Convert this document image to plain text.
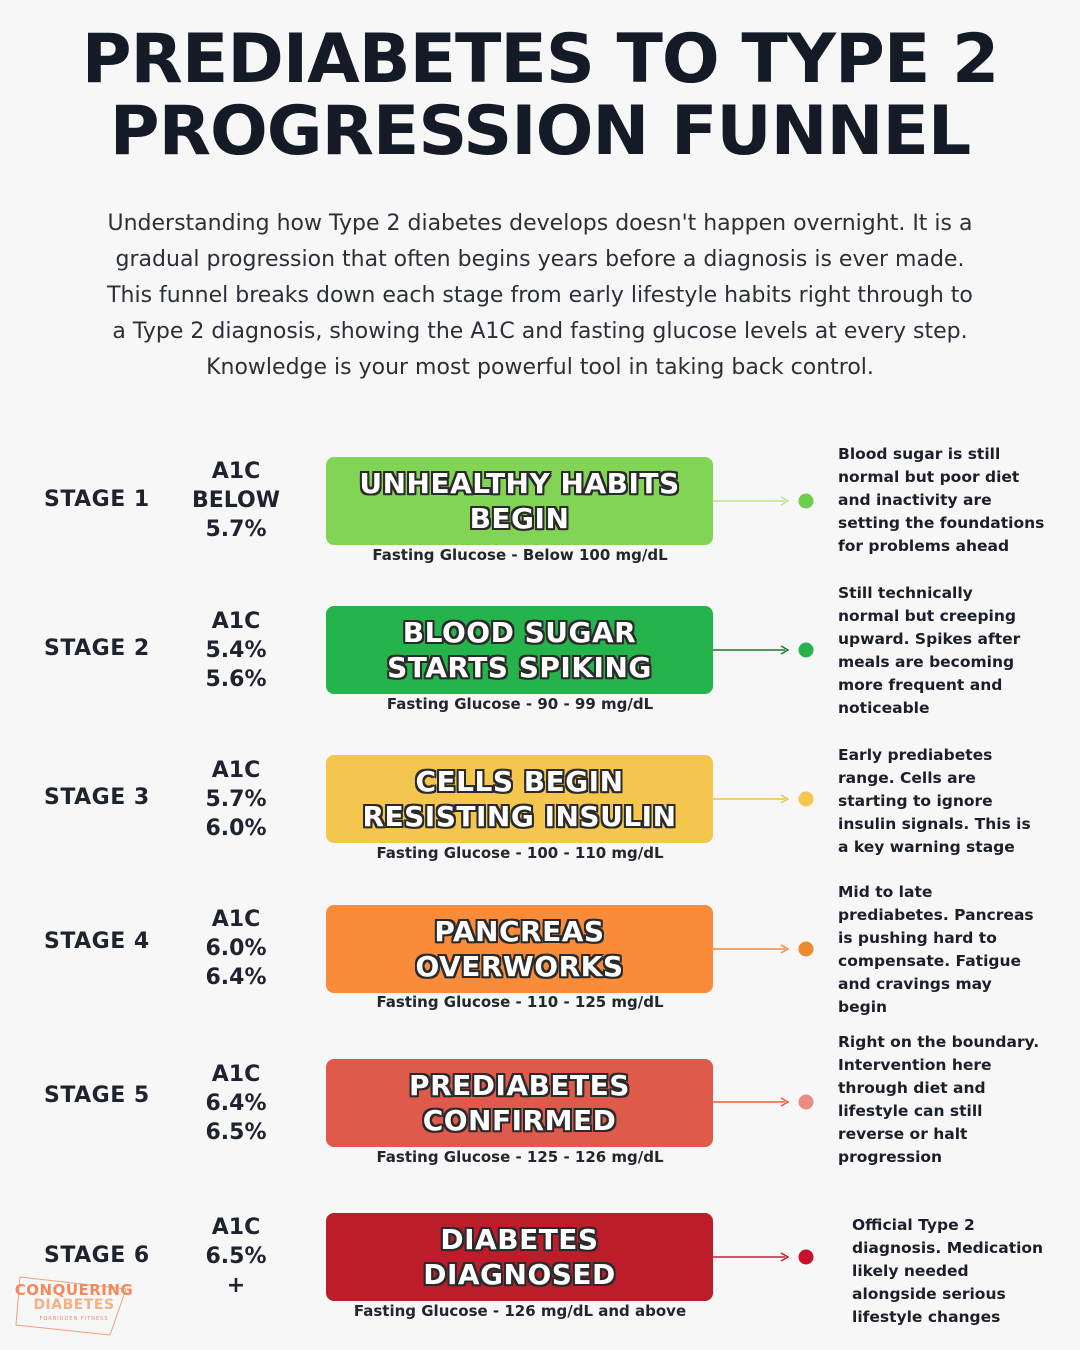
PREDIABETES TO TYPE 2
PROGRESSION FUNNEL
Understanding how Type 2 diabetes develops doesn't happen overnight. It is a
gradual progression that often begins years before a diagnosis is ever made.
This funnel breaks down each stage from early lifestyle habits right through to
a Type 2 diagnosis, showing the A1C and fasting glucose levels at every step.
Knowledge is your most powerful tool in taking back control.
STAGE 1
A1C
BELOW
5.7%
UNHEALTHY HABITS
BEGIN
Fasting Glucose - Below 100 mg/dL
Blood sugar is still
normal but poor diet
and inactivity are
setting the foundations
for problems ahead
STAGE 2
A1C
5.4%
5.6%
BLOOD SUGAR
STARTS SPIKING
Fasting Glucose - 90 - 99 mg/dL
Still technically
normal but creeping
upward. Spikes after
meals are becoming
more frequent and
noticeable
STAGE 3
A1C
5.7%
6.0%
CELLS BEGIN
RESISTING INSULIN
Fasting Glucose - 100 - 110 mg/dL
Early prediabetes
range. Cells are
starting to ignore
insulin signals. This is
a key warning stage
STAGE 4
A1C
6.0%
6.4%
PANCREAS
OVERWORKS
Fasting Glucose - 110 - 125 mg/dL
Mid to late
prediabetes. Pancreas
is pushing hard to
compensate. Fatigue
and cravings may
begin
STAGE 5
A1C
6.4%
6.5%
PREDIABETES
CONFIRMED
Fasting Glucose - 125 - 126 mg/dL
Right on the boundary.
Intervention here
through diet and
lifestyle can still
reverse or halt
progression
STAGE 6
A1C
6.5%
+
DIABETES
DIAGNOSED
Fasting Glucose - 126 mg/dL and above
Official Type 2
diagnosis. Medication
likely needed
alongside serious
lifestyle changes
CONQUERING
DIABETES
FORBIDDEN FITNESS
